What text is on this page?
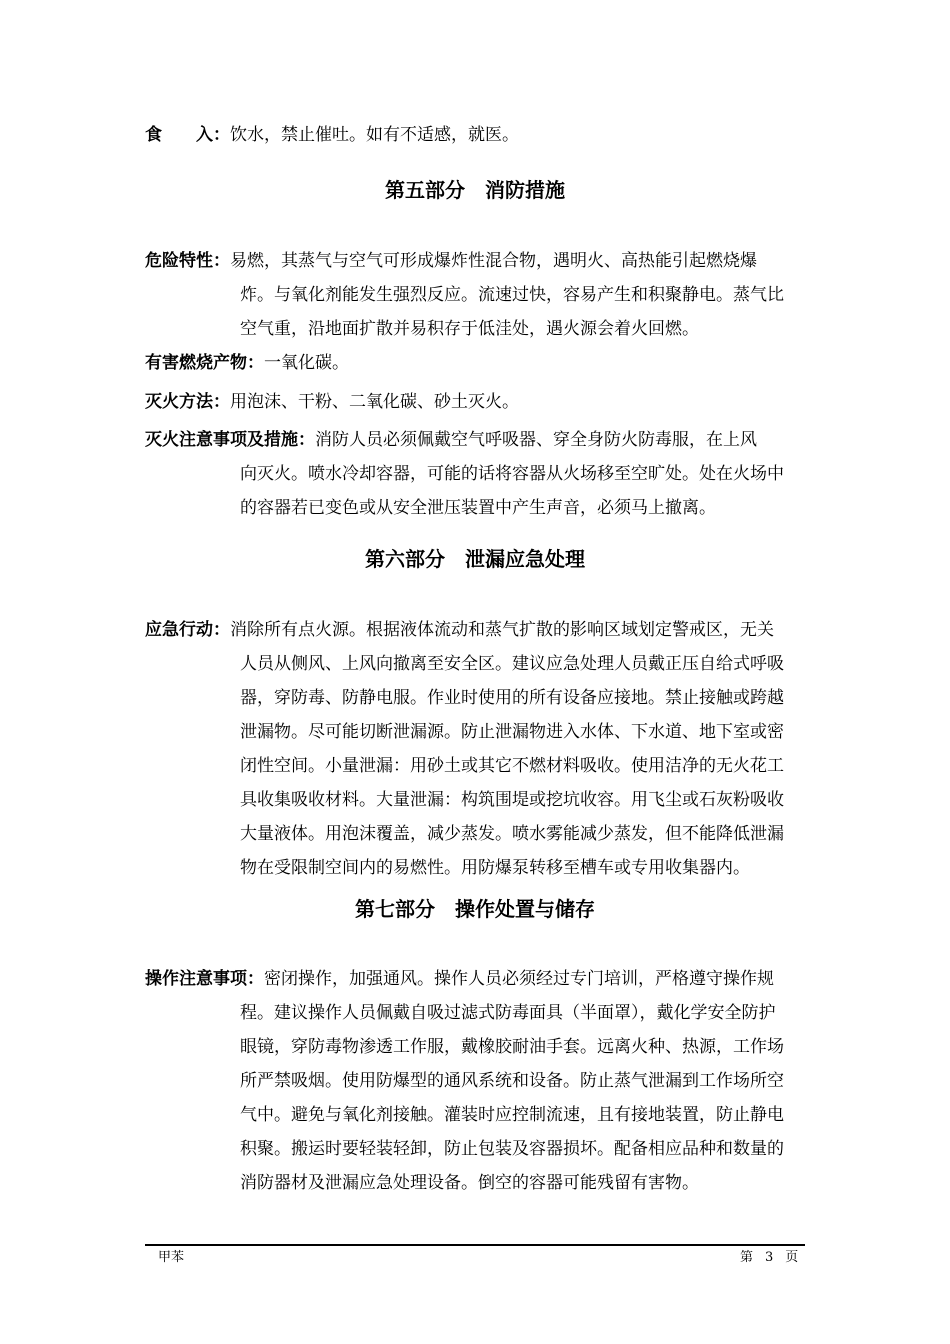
食　　入：饮水，禁止催吐。如有不适感，就医。
第五部分　消防措施
危险特性：易燃，其蒸气与空气可形成爆炸性混合物，遇明火、高热能引起燃烧爆
炸。与氧化剂能发生强烈反应。流速过快，容易产生和积聚静电。蒸气比
空气重，沿地面扩散并易积存于低洼处，遇火源会着火回燃。
有害燃烧产物：一氧化碳。
灭火方法：用泡沫、干粉、二氧化碳、砂土灭火。
灭火注意事项及措施：消防人员必须佩戴空气呼吸器、穿全身防火防毒服，在上风
向灭火。喷水冷却容器，可能的话将容器从火场移至空旷处。处在火场中
的容器若已变色或从安全泄压装置中产生声音，必须马上撤离。
第六部分　泄漏应急处理
应急行动：消除所有点火源。根据液体流动和蒸气扩散的影响区域划定警戒区，无关
人员从侧风、上风向撤离至安全区。建议应急处理人员戴正压自给式呼吸
器，穿防毒、防静电服。作业时使用的所有设备应接地。禁止接触或跨越
泄漏物。尽可能切断泄漏源。防止泄漏物进入水体、下水道、地下室或密
闭性空间。小量泄漏：用砂土或其它不燃材料吸收。使用洁净的无火花工
具收集吸收材料。大量泄漏：构筑围堤或挖坑收容。用飞尘或石灰粉吸收
大量液体。用泡沫覆盖，减少蒸发。喷水雾能减少蒸发，但不能降低泄漏
物在受限制空间内的易燃性。用防爆泵转移至槽车或专用收集器内。
第七部分　操作处置与储存
操作注意事项：密闭操作，加强通风。操作人员必须经过专门培训，严格遵守操作规
程。建议操作人员佩戴自吸过滤式防毒面具（半面罩），戴化学安全防护
眼镜，穿防毒物渗透工作服，戴橡胶耐油手套。远离火种、热源，工作场
所严禁吸烟。使用防爆型的通风系统和设备。防止蒸气泄漏到工作场所空
气中。避免与氧化剂接触。灌装时应控制流速，且有接地装置，防止静电
积聚。搬运时要轻装轻卸，防止包装及容器损坏。配备相应品种和数量的
消防器材及泄漏应急处理设备。倒空的容器可能残留有害物。
甲苯	第 3 页
